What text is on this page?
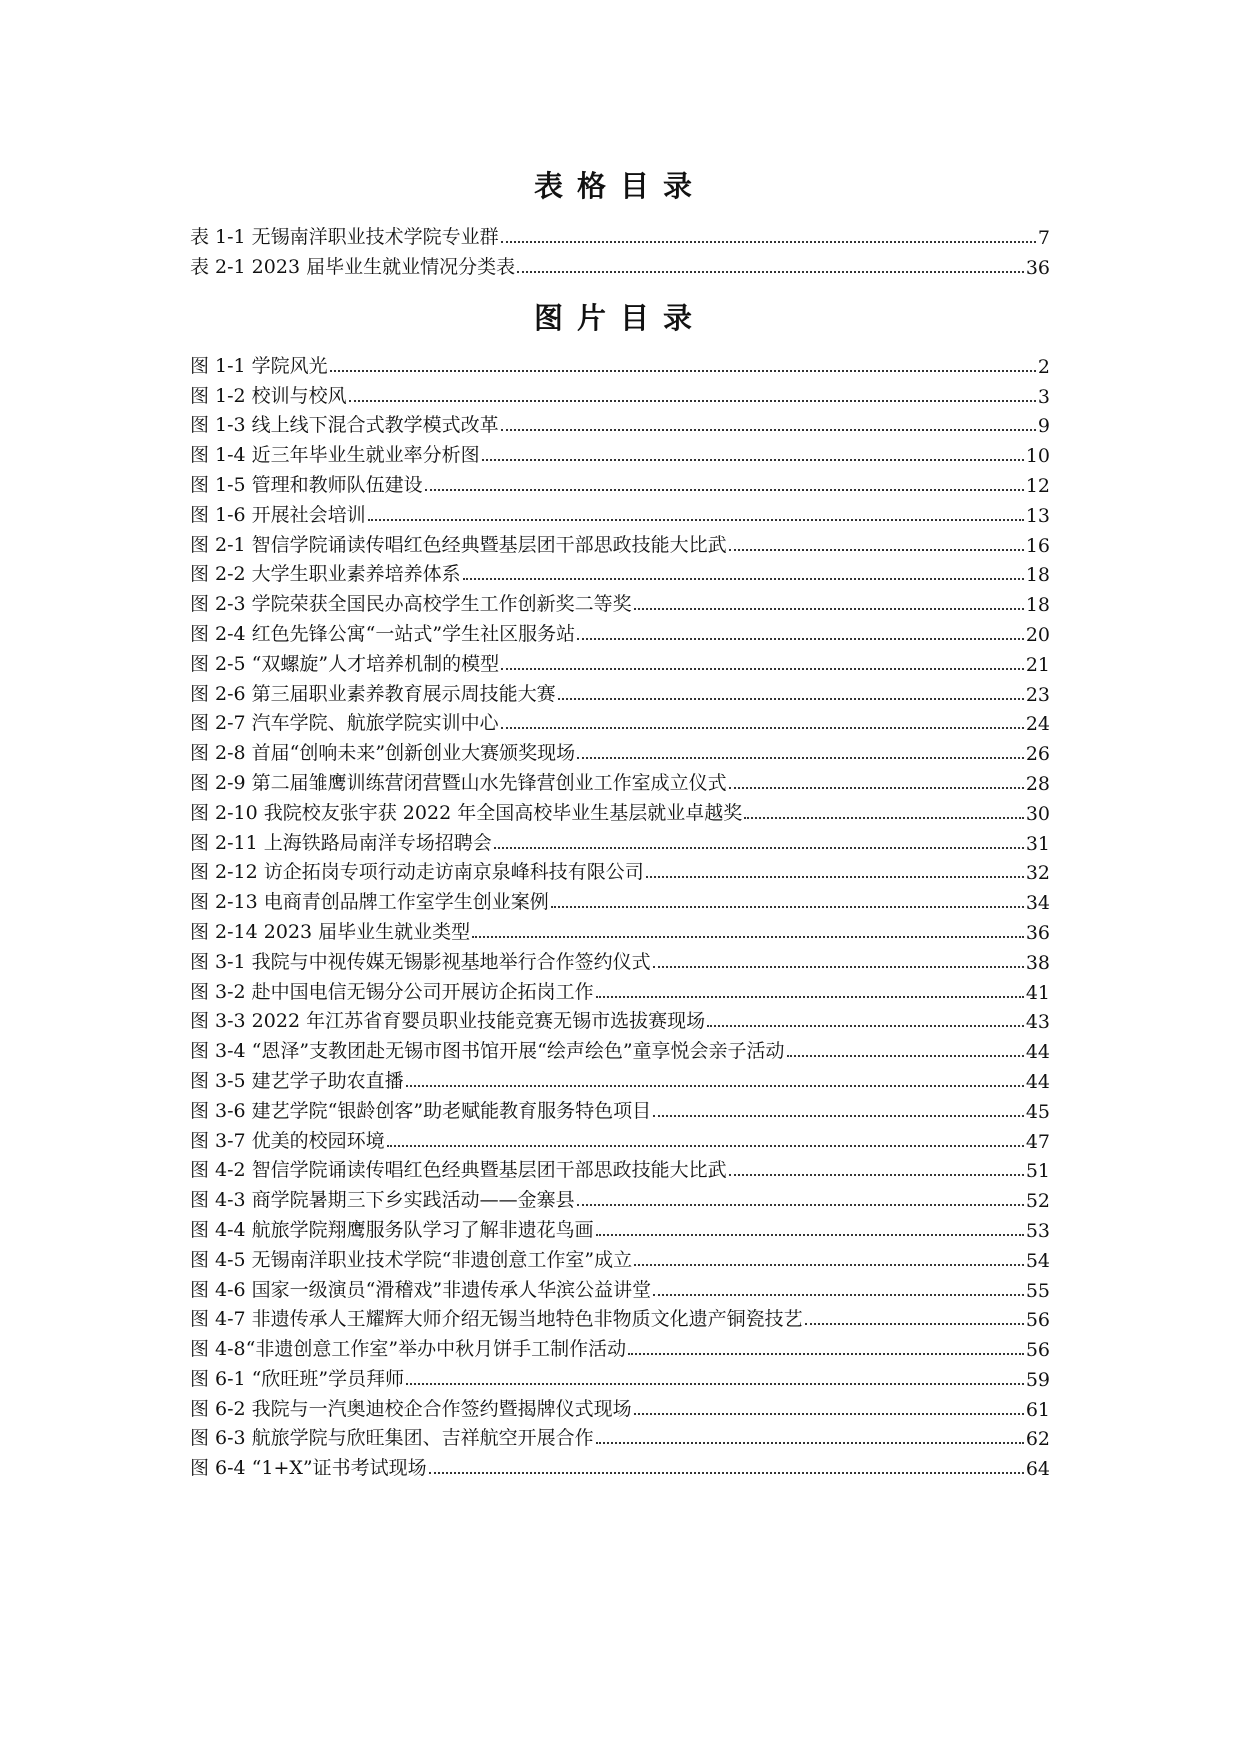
表格目录
表 1-1 无锡南洋职业技术学院专业群	7
表 2-1 2023 届毕业生就业情况分类表	36
图片目录
图 1-1 学院风光	2
图 1-2 校训与校风	3
图 1-3 线上线下混合式教学模式改革	9
图 1-4 近三年毕业生就业率分析图	10
图 1-5 管理和教师队伍建设	12
图 1-6 开展社会培训	13
图 2-1 智信学院诵读传唱红色经典暨基层团干部思政技能大比武	16
图 2-2 大学生职业素养培养体系	18
图 2-3 学院荣获全国民办高校学生工作创新奖二等奖	18
图 2-4 红色先锋公寓“一站式”学生社区服务站	20
图 2-5 “双螺旋”人才培养机制的模型	21
图 2-6 第三届职业素养教育展示周技能大赛	23
图 2-7 汽车学院、航旅学院实训中心	24
图 2-8 首届“创响未来”创新创业大赛颁奖现场	26
图 2-9 第二届雏鹰训练营闭营暨山水先锋营创业工作室成立仪式	28
图 2-10 我院校友张宇获 2022 年全国高校毕业生基层就业卓越奖	30
图 2-11 上海铁路局南洋专场招聘会	31
图 2-12 访企拓岗专项行动走访南京泉峰科技有限公司	32
图 2-13 电商青创品牌工作室学生创业案例	34
图 2-14 2023 届毕业生就业类型	36
图 3-1 我院与中视传媒无锡影视基地举行合作签约仪式	38
图 3-2 赴中国电信无锡分公司开展访企拓岗工作	41
图 3-3 2022 年江苏省育婴员职业技能竞赛无锡市选拔赛现场	43
图 3-4 “恩泽”支教团赴无锡市图书馆开展“绘声绘色”童享悦会亲子活动	44
图 3-5 建艺学子助农直播	44
图 3-6 建艺学院“银龄创客”助老赋能教育服务特色项目	45
图 3-7 优美的校园环境	47
图 4-2 智信学院诵读传唱红色经典暨基层团干部思政技能大比武	51
图 4-3 商学院暑期三下乡实践活动——金寨县	52
图 4-4 航旅学院翔鹰服务队学习了解非遗花鸟画	53
图 4-5 无锡南洋职业技术学院“非遗创意工作室”成立	54
图 4-6 国家一级演员“滑稽戏”非遗传承人华滨公益讲堂	55
图 4-7 非遗传承人王耀辉大师介绍无锡当地特色非物质文化遗产铜瓷技艺	56
图 4-8“非遗创意工作室”举办中秋月饼手工制作活动	56
图 6-1 “欣旺班”学员拜师	59
图 6-2 我院与一汽奥迪校企合作签约暨揭牌仪式现场	61
图 6-3 航旅学院与欣旺集团、吉祥航空开展合作	62
图 6-4 “1+X”证书考试现场	64
